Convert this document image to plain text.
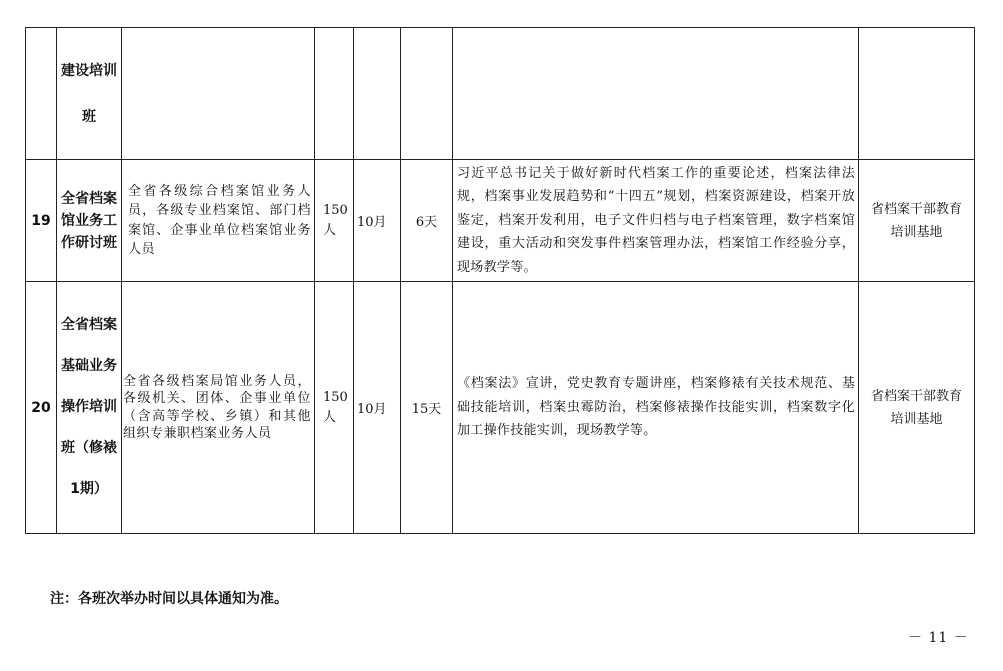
	建设培训班						

19	全省档案馆业务工作研讨班	全省各级综合档案馆业务人员，各级专业档案馆、部门档案馆、企事业单位档案馆业务人员	150人	10月	6天	习近平总书记关于做好新时代档案工作的重要论述，档案法律法规，档案事业发展趋势和“十四五”规划，档案资源建设，档案开放鉴定，档案开发利用，电子文件归档与电子档案管理，数字档案馆建设，重大活动和突发事件档案管理办法，档案馆工作经验分享，现场教学等。	省档案干部教育培训基地
20	全省档案基础业务操作培训班（修裱1期）	全省各级档案局馆业务人员，各级机关、团体、企事业单位（含高等学校、乡镇）和其他组织专兼职档案业务人员	150人	10月	15天	《档案法》宣讲，党史教育专题讲座，档案修裱有关技术规范、基础技能培训，档案虫霉防治，档案修裱操作技能实训，档案数字化加工操作技能实训，现场教学等。	省档案干部教育培训基地
注：各班次举办时间以具体通知为准。
－ 11 －
